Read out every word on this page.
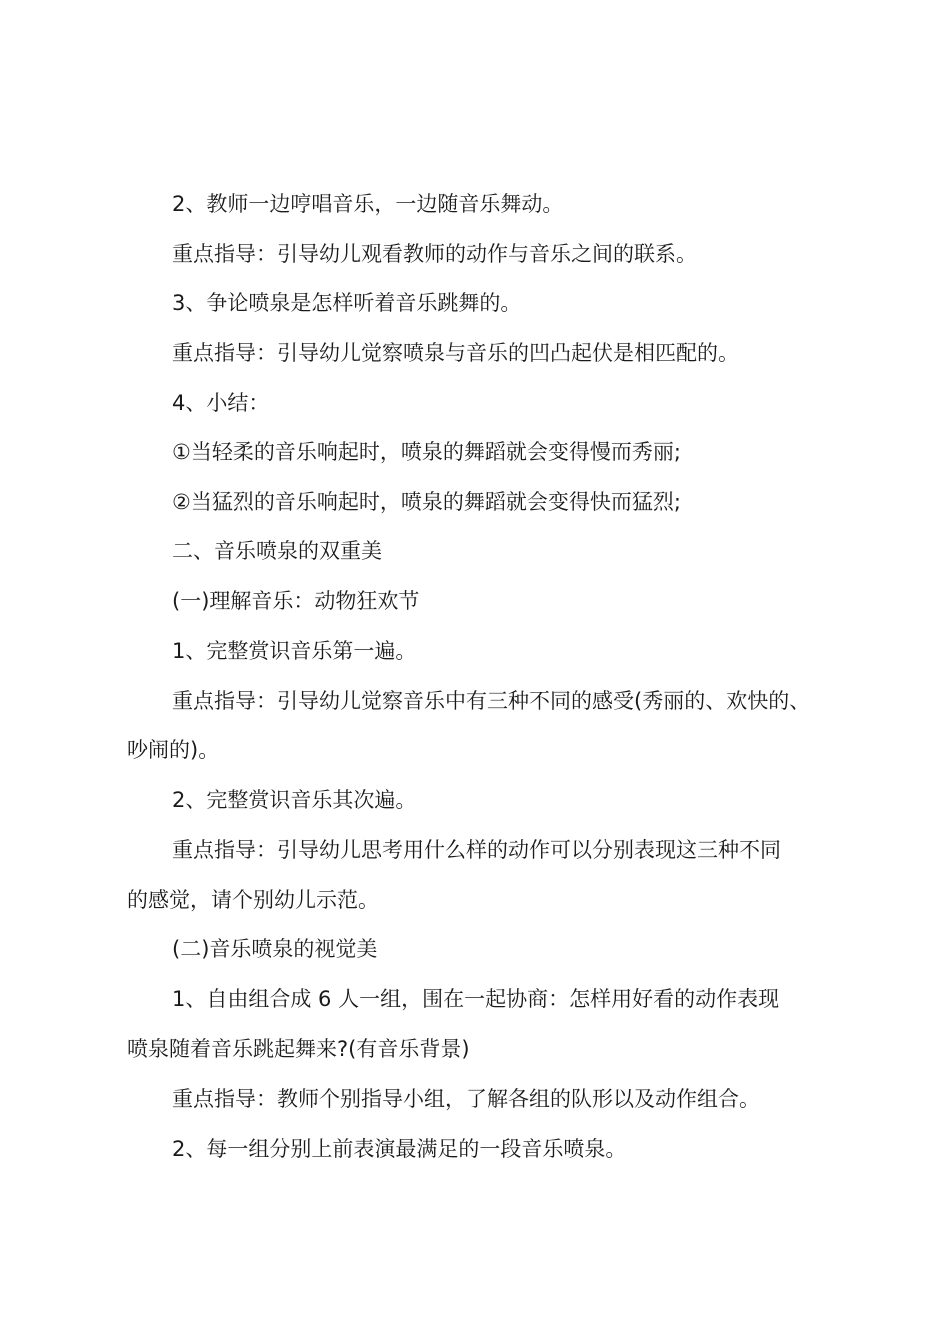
2、教师一边哼唱音乐，一边随音乐舞动。
重点指导：引导幼儿观看教师的动作与音乐之间的联系。
3、争论喷泉是怎样听着音乐跳舞的。
重点指导：引导幼儿觉察喷泉与音乐的凹凸起伏是相匹配的。
4、小结：
①当轻柔的音乐响起时，喷泉的舞蹈就会变得慢而秀丽;
②当猛烈的音乐响起时，喷泉的舞蹈就会变得快而猛烈;
二、音乐喷泉的双重美
(一)理解音乐：动物狂欢节
1、完整赏识音乐第一遍。
重点指导：引导幼儿觉察音乐中有三种不同的感受(秀丽的、欢快的、
吵闹的)。
2、完整赏识音乐其次遍。
重点指导：引导幼儿思考用什么样的动作可以分别表现这三种不同
的感觉，请个别幼儿示范。
(二)音乐喷泉的视觉美
1、自由组合成 6 人一组，围在一起协商：怎样用好看的动作表现
喷泉随着音乐跳起舞来?(有音乐背景)
重点指导：教师个别指导小组，了解各组的队形以及动作组合。
2、每一组分别上前表演最满足的一段音乐喷泉。
